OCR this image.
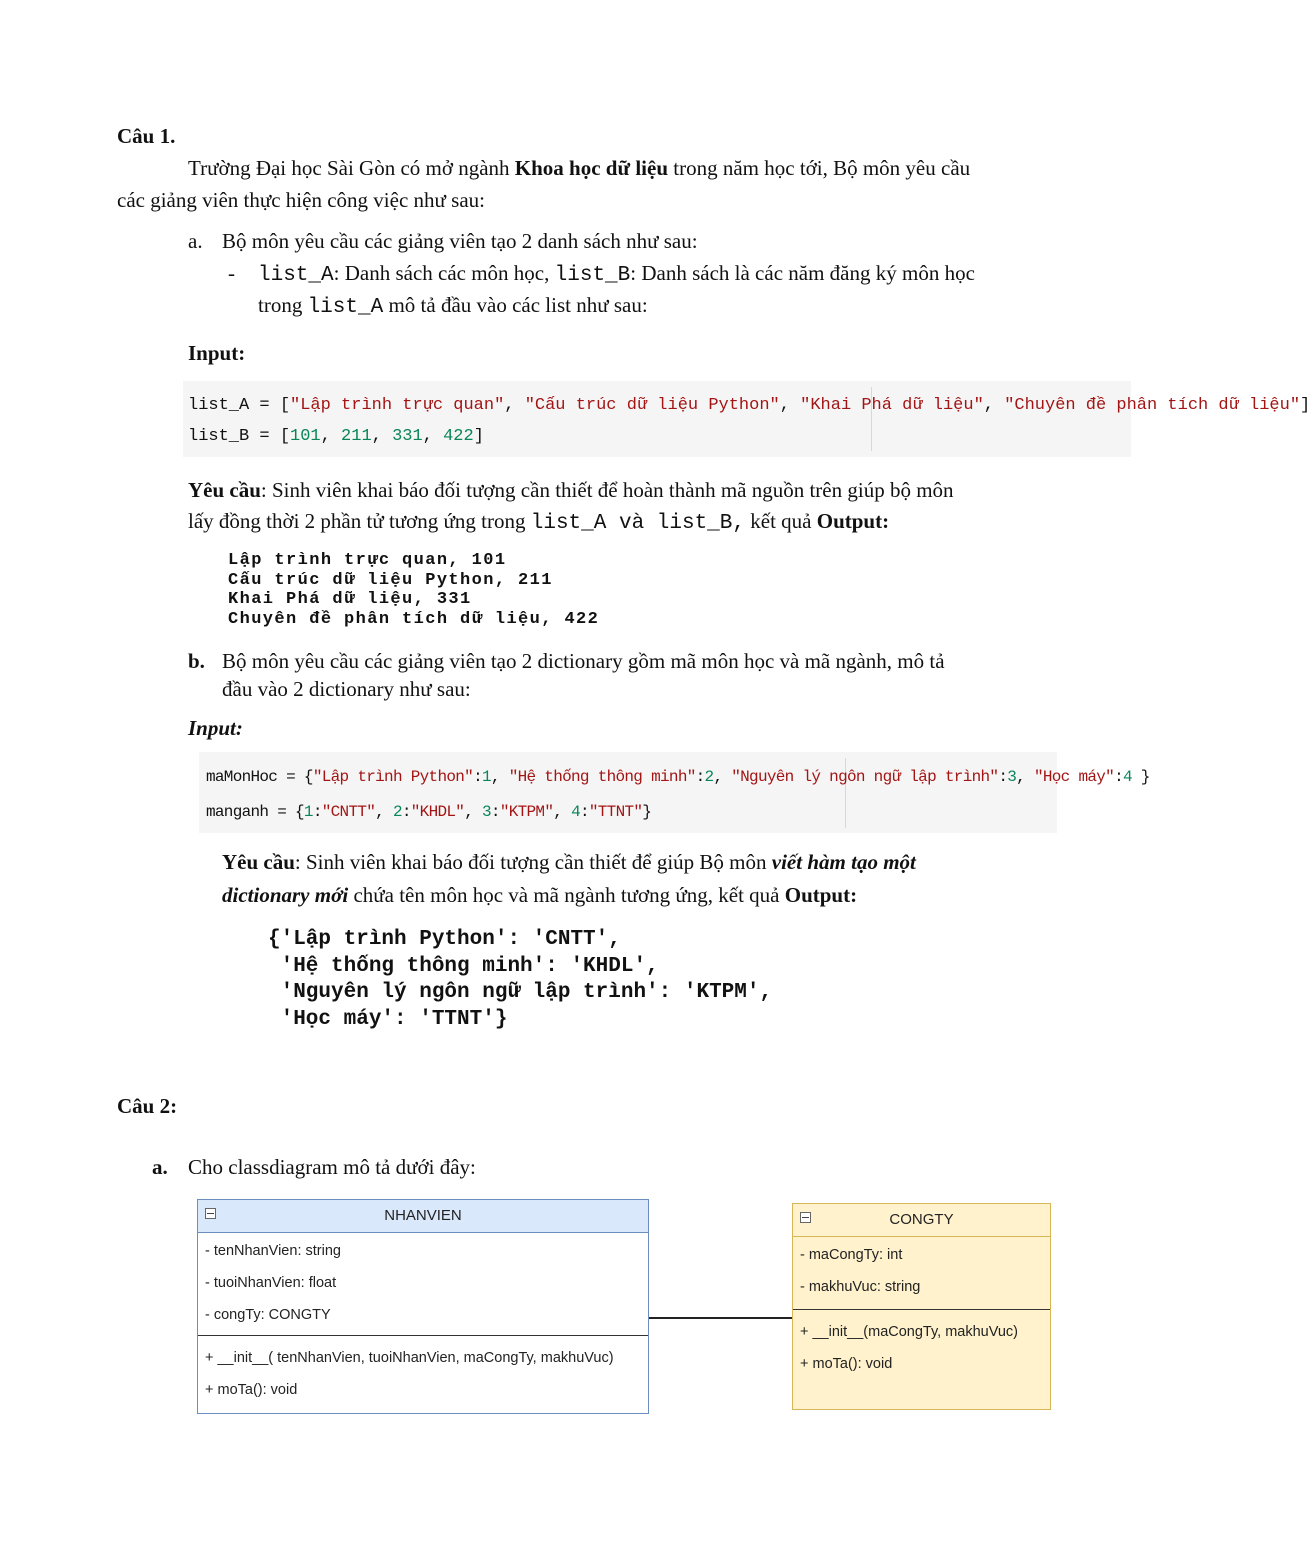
Câu 1.
Trường Đại học Sài Gòn có mở ngành Khoa học dữ liệu trong năm học tới, Bộ môn yêu cầu
các giảng viên thực hiện công việc như sau:
a. Bộ môn yêu cầu các giảng viên tạo 2 danh sách như sau:
- list_A: Danh sách các môn học, list_B: Danh sách là các năm đăng ký môn học
trong list_A mô tả đầu vào các list như sau:
Input:
list_A = ["Lập trình trực quan", "Cấu trúc dữ liệu Python", "Khai Phá dữ liệu", "Chuyên đề phân tích dữ liệu"]
list_B = [101, 211, 331, 422]
Yêu cầu: Sinh viên khai báo đối tượng cần thiết để hoàn thành mã nguồn trên giúp bộ môn
lấy đồng thời 2 phần tử tương ứng trong list_A và list_B, kết quả Output:
Lập trình trực quan, 101
Cấu trúc dữ liệu Python, 211
Khai Phá dữ liệu, 331
Chuyên đề phân tích dữ liệu, 422
b. Bộ môn yêu cầu các giảng viên tạo 2 dictionary gồm mã môn học và mã ngành, mô tả
đầu vào 2 dictionary như sau:
Input:
maMonHoc = {"Lập trình Python":1, "Hệ thống thông minh":2, "Nguyên lý ngôn ngữ lập trình":3, "Học máy":4 }
manganh = {1:"CNTT", 2:"KHDL", 3:"KTPM", 4:"TTNT"}
Yêu cầu: Sinh viên khai báo đối tượng cần thiết để giúp Bộ môn viết hàm tạo một
dictionary mới chứa tên môn học và mã ngành tương ứng, kết quả Output:
{'Lập trình Python': 'CNTT',
'Hệ thống thông minh': 'KHDL',
'Nguyên lý ngôn ngữ lập trình': 'KTPM',
'Học máy': 'TTNT'}
Câu 2:
a. Cho classdiagram mô tả dưới đây:
NHANVIEN
- tenNhanVien: string
- tuoiNhanVien: float
- congTy: CONGTY
+ __init__( tenNhanVien, tuoiNhanVien, maCongTy, makhuVuc)
+ moTa(): void
CONGTY
- maCongTy: int
- makhuVuc: string
+ __init__(maCongTy, makhuVuc)
+ moTa(): void
